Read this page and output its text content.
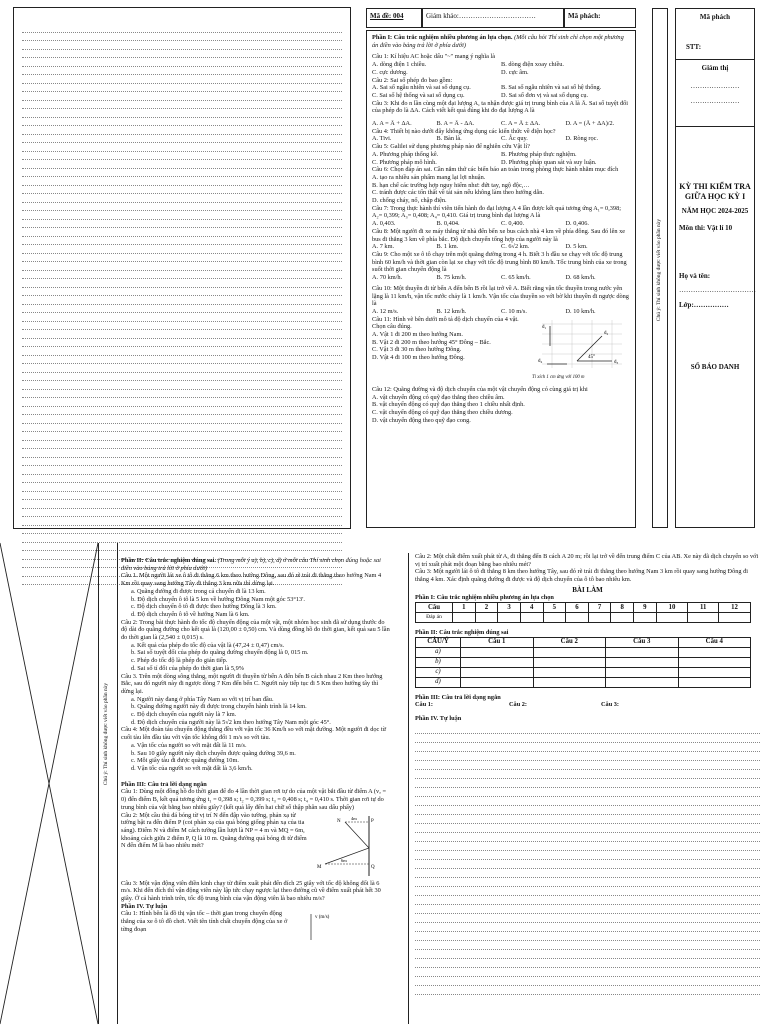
Mã đề: 004	Giám khảo:……………………………	Mã phách:

Phần I: Câu trắc nghiệm nhiều phương án lựa chọn. (Mỗi câu hỏi Thí sinh chỉ chọn một phương án điền vào bảng trả lời ở phía dưới)

Câu 1: Kí hiệu AC hoặc dấu "~" mang ý nghĩa là

A. dòng điện 1 chiều.	B. dòng điện xoay chiều.
C. cực dương.	D. cực âm.

Câu 2: Sai số phép đo bao gồm:

A. Sai số ngẫu nhiên và sai số dụng cụ.	B. Sai số ngẫu nhiên và sai số hệ thống.
C. Sai số hệ thống và sai số dụng cụ.	D. Sai số đơn vị và sai số dụng cụ.

Câu 3: Khi đo n lần cùng một đại lượng A, ta nhận được giá trị trung bình của A là Ā. Sai số tuyệt đối của phép đo là ΔA. Cách viết kết quả đúng khi đo đại lượng A là

A. A = Ā + ΔA.	B. A = Ā - ΔA.	C. A = Ā ± ΔA.	D. A = (Ā + ΔA)/2.

Câu 4: Thiết bị nào dưới đây không ứng dụng các kiến thức về điện học?

A. Tivi.	B. Bàn là.	C. Ắc quy.	D. Ròng rọc.

Câu 5: Galilei sử dụng phương pháp nào để nghiên cứu Vật lí?

A. Phương pháp thống kê.	B. Phương pháp thực nghiệm.
C. Phương pháp mô hình.	D. Phương pháp quan sát và suy luận.

Câu 6: Chọn đáp án sai. Cần nắm thứ các biển báo an toàn trong phòng thực hành nhằm mục đích

A. tạo ra nhiều sản phẩm mang lại lợi nhuận.

B. hạn chế các trường hợp nguy hiểm như: đứt tay, ngộ độc,…

C. tránh được các tổn thất về tài sản nếu không làm theo hướng dẫn.

D. chống cháy, nổ, chập điện.

Câu 7: Trong thực hành thí viên tiến hành đo đại lượng A 4 lần được kết quả tương ứng A₁= 0,398; A₂= 0,399; A₃= 0,408; A₄= 0,410. Giá trị trung bình đại lượng A là

A. 0,403.	B. 0,404.	C. 0,400.	D. 0,406.

Câu 8: Một người đi xe máy thẳng từ nhà đến bến xe bus cách nhà 4 km về phía đông. Sau đó lên xe bus đi thẳng 3 km về phía bắc. Độ dịch chuyển tổng hợp của người này là

A. 7 km.	B. 1 km.	C. 6√2 km.	D. 5 km.

Câu 9: Cho một xe ô tô chạy trên một quãng đường trong 4 h. Biết 3 h đầu xe chạy với tốc độ trung bình 60 km/h và thời gian còn lại xe chạy với tốc độ trung bình 80 km/h. Tốc trung bình của xe trong suốt thời gian chuyển động là

A. 70 km/h.	B. 75 km/h.	C. 65 km/h.	D. 68 km/h.

Câu 10: Một thuyền đi từ bến A đến bến B rồi lại trở về A. Biết rằng vận tốc thuyền trong nước yên lặng là 11 km/h, vận tốc nước chảy là 1 km/h. Vận tốc của thuyền so với bờ khi thuyền đi ngược dòng là

A. 12 m/s.	B. 12 km/h.	C. 10 m/s.	D. 10 km/h.

Câu 11: Hình vẽ bên dưới mô tả độ dịch chuyển của 4 vật. Chọn câu đúng.

A. Vật 1 đi 200 m theo hướng Nam.

B. Vật 2 đi 200 m theo hướng 45° Đông – Bắc.

C. Vật 3 đi 30 m theo hướng Đông.

D. Vật 4 đi 100 m theo hướng Đông.

d₁
d₂
45°
d₃
d₄
Tỉ xích 1 cm ứng với 100 m

Câu 12: Quãng đường và độ dịch chuyển của một vật chuyển động có cùng giá trị khi

A. vật chuyển động có quỹ đạo thẳng theo chiều âm.

B. vật chuyển động có quỹ đạo thẳng theo 1 chiều nhất định.

C. vật chuyển động có quỹ đạo thẳng theo chiều dương.

D. vật chuyển động theo quỹ đạo cong.

Chú ý: Thí sinh không được viết vào phần này
Mã phách
STT:
Giám thị
…………………
…………………
KỲ THI KIỂM TRA GIỮA HỌC KỲ I
NĂM HỌC 2024-2025
Môn thi: Vật lí 10
Họ và tên:
……………………………
Lớp:……………
SỐ BÁO DANH
Chú ý: Thí sinh không được viết vào phần này

Phần II: Câu trắc nghiệm đúng sai. (Trong mỗi ý a), b), c), d) ở mỗi câu Thí sinh chọn đúng hoặc sai điền vào bảng trả lời ở phía dưới)

Câu 1. Một người lái xe ô tô đi thẳng 6 km theo hướng Đông, sau đó rẽ trái đi thẳng theo hướng Nam 4 Km rồi quay sang hướng Tây đi thẳng 3 km nữa thì dừng lại.

a. Quãng đường đi được trong cả chuyến đi là 13 km.

b. Độ dịch chuyển ô tô là 5 km về hướng Đông Nam một góc 53°13'.

c. Độ dịch chuyển ô tô đi được theo hướng Đông là 3 km.

d. Độ dịch chuyển ô tô về hướng Nam là 6 km.

Câu 2: Trong bài thực hành đo tốc độ chuyển động của một vật, một nhóm học sinh đã sử dụng thước đo độ dài đo quãng đường cho kết quả là (120,00 ± 0,50) cm. Và dùng đồng hồ đo thời gian, kết quả sau 5 lần đo thời gian là (2,540 ± 0,015) s.

a. Kết quả của phép đo tốc độ của vật là (47,24 ± 0,47) cm/s.

b. Sai số tuyệt đối của phép đo quãng đường chuyển động là 0, 015 m.

c. Phép đo tốc độ là phép đo gián tiếp.

d. Sai số tỉ đối của phép đo thời gian là 5,9%

Câu 3. Trên một dòng sông thẳng, một người đi thuyền từ bến A đến bến B cách nhau 2 Km theo hướng Bắc, sau đó người này đi ngược dòng 7 Km đến bến C. Người này tiếp tục đi 5 Km theo hướng tây thì dừng lại.

a. Người này đang ở phía Tây Nam so với vị trí ban đầu.

b. Quãng đường người này đi được trong chuyến hành trình là 14 km.

c. Độ dịch chuyển của người này là 7 km.

d. Độ dịch chuyển của người này là 5√2 km theo hướng Tây Nam một góc 45°.

Câu 4: Một đoàn tàu chuyển động thẳng đều với vận tốc 36 Km/h so với mặt đường. Một người đi dọc từ cuối tàu lên đầu tàu với vận tốc không đổi 1 m/s so với tàu.

a. Vận tốc của người so với mặt đất là 11 m/s.

b. Sau 10 giây người này dịch chuyển được quãng đường 39,6 m.

c. Mỗi giây tàu đi được quãng đường 10m.

d. Vận tốc của người so với mặt đất là 3,6 km/h.

Phần III: Câu trả lời dạng ngắn

Câu 1: Dùng một đồng hồ đo thời gian để đo 4 lần thời gian rơi tự do của một vật bắt đầu từ điểm A (vₐ = 0) đến điểm B, kết quả tương ứng t₁ = 0,398 s; t₂ = 0,399 s; t₃ = 0,408 s; t₄ = 0,410 s. Thời gian rơi tự do trung bình của vật bằng bao nhiêu giây? (kết quả lấy đến hai chữ số thập phân sau dấu phẩy)

Câu 2: Một cầu thủ đá bóng từ vị trí N đến đập vào tường, phản xạ từ tường bật ra đến điểm P (coi phản xạ của quả bóng giống phản xạ của tia sáng). Điểm N và điểm M cách tường lần lượt là NP = 4 m và MQ = 6m, khoảng cách giữa 2 điểm P, Q là 10 m. Quãng đường quả bóng đi từ điểm N đến điểm M là bao nhiêu mét?

N	P
4m
6m
M	Q

Câu 3: Một vận động viên điền kinh chạy từ điểm xuất phát đến đích 25 giây với tốc độ không đổi là 6 m/s. Khi đến đích thì vận động viên này lập tức chạy ngược lại theo đường cũ về điểm xuất phát hết 30 giây. Ở cả hành trình trên, tốc độ trung bình của vận động viên là bao nhiêu m/s?

Phần IV. Tự luận

Câu 1: Hình bên là đồ thị vận tốc – thời gian trong chuyển động thẳng của xe ô tô đồ chơi. Viết tên tính chất chuyển động của xe ở từng đoạn

v (m/s)

Câu 2: Một chất điểm xuất phát từ A, đi thẳng đến B cách A 20 m; rồi lại trở về đến trung điểm C của AB. Xe này đã dịch chuyển so với vị trí xuất phát một đoạn bằng bao nhiêu mét?

Câu 3: Một người lái ô tô đi thẳng 8 km theo hướng Tây, sau đó rẽ trái đi thẳng theo hướng Nam 3 km rồi quay sang hướng Đông đi thẳng 4 km. Xác định quãng đường đi được và độ dịch chuyển của ô tô bao nhiêu km.

BÀI LÀM

Phần I: Câu trắc nghiệm nhiều phương án lựa chọn

Câu	1	2	3	4	5	6	7	8	9	10	11	12
Đáp án												

Phần II: Câu trắc nghiệm đúng sai

CÂU/Ý	Câu 1	Câu 2	Câu 3	Câu 4
a)				
b)				
c)				
d)				

Phần III: Câu trả lời dạng ngắn

Câu 1:	Câu 2:	Câu 3:

Phần IV. Tự luận
